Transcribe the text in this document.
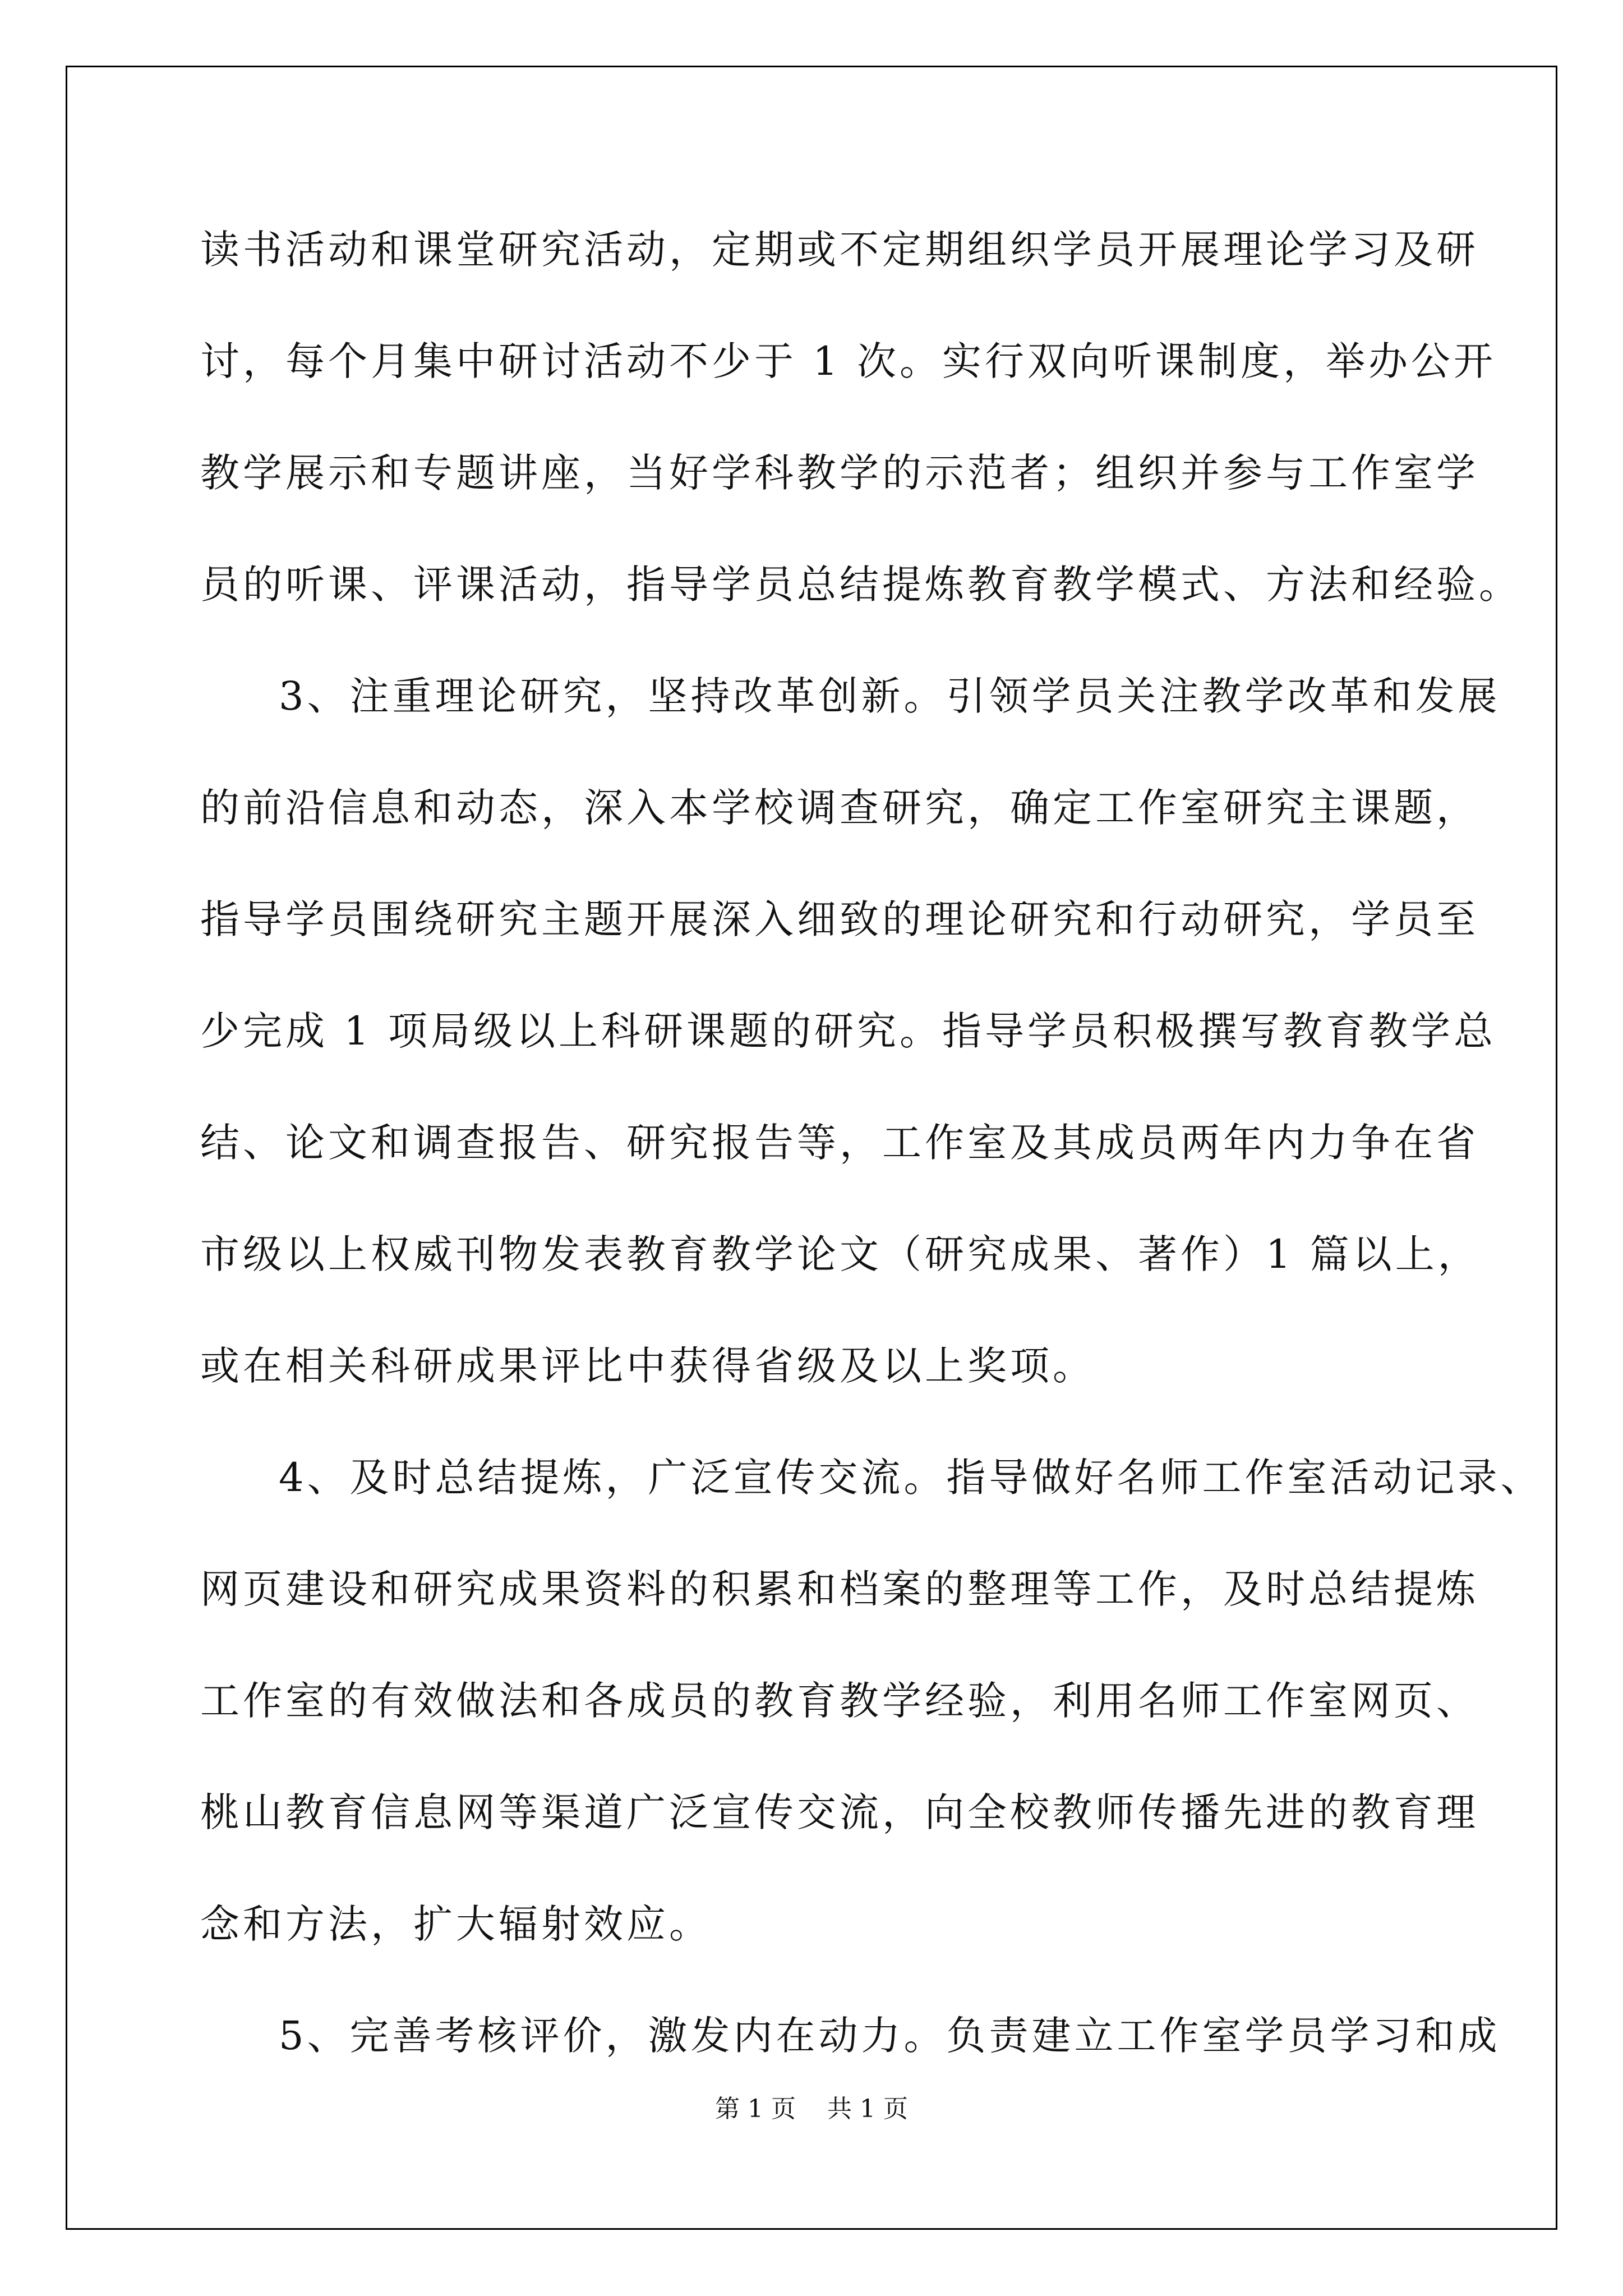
读书活动和课堂研究活动，定期或不定期组织学员开展理论学习及研
讨，每个月集中研讨活动不少于 1 次。实行双向听课制度，举办公开
教学展示和专题讲座，当好学科教学的示范者；组织并参与工作室学
员的听课、评课活动，指导学员总结提炼教育教学模式、方法和经验。
3、注重理论研究，坚持改革创新。引领学员关注教学改革和发展
的前沿信息和动态，深入本学校调查研究，确定工作室研究主课题，
指导学员围绕研究主题开展深入细致的理论研究和行动研究，学员至
少完成 1 项局级以上科研课题的研究。指导学员积极撰写教育教学总
结、论文和调查报告、研究报告等，工作室及其成员两年内力争在省
市级以上权威刊物发表教育教学论文（研究成果、著作）1 篇以上，
或在相关科研成果评比中获得省级及以上奖项。
4、及时总结提炼，广泛宣传交流。指导做好名师工作室活动记录、
网页建设和研究成果资料的积累和档案的整理等工作，及时总结提炼
工作室的有效做法和各成员的教育教学经验，利用名师工作室网页、
桃山教育信息网等渠道广泛宣传交流，向全校教师传播先进的教育理
念和方法，扩大辐射效应。
5、完善考核评价，激发内在动力。负责建立工作室学员学习和成
第 1 页 共 1 页
